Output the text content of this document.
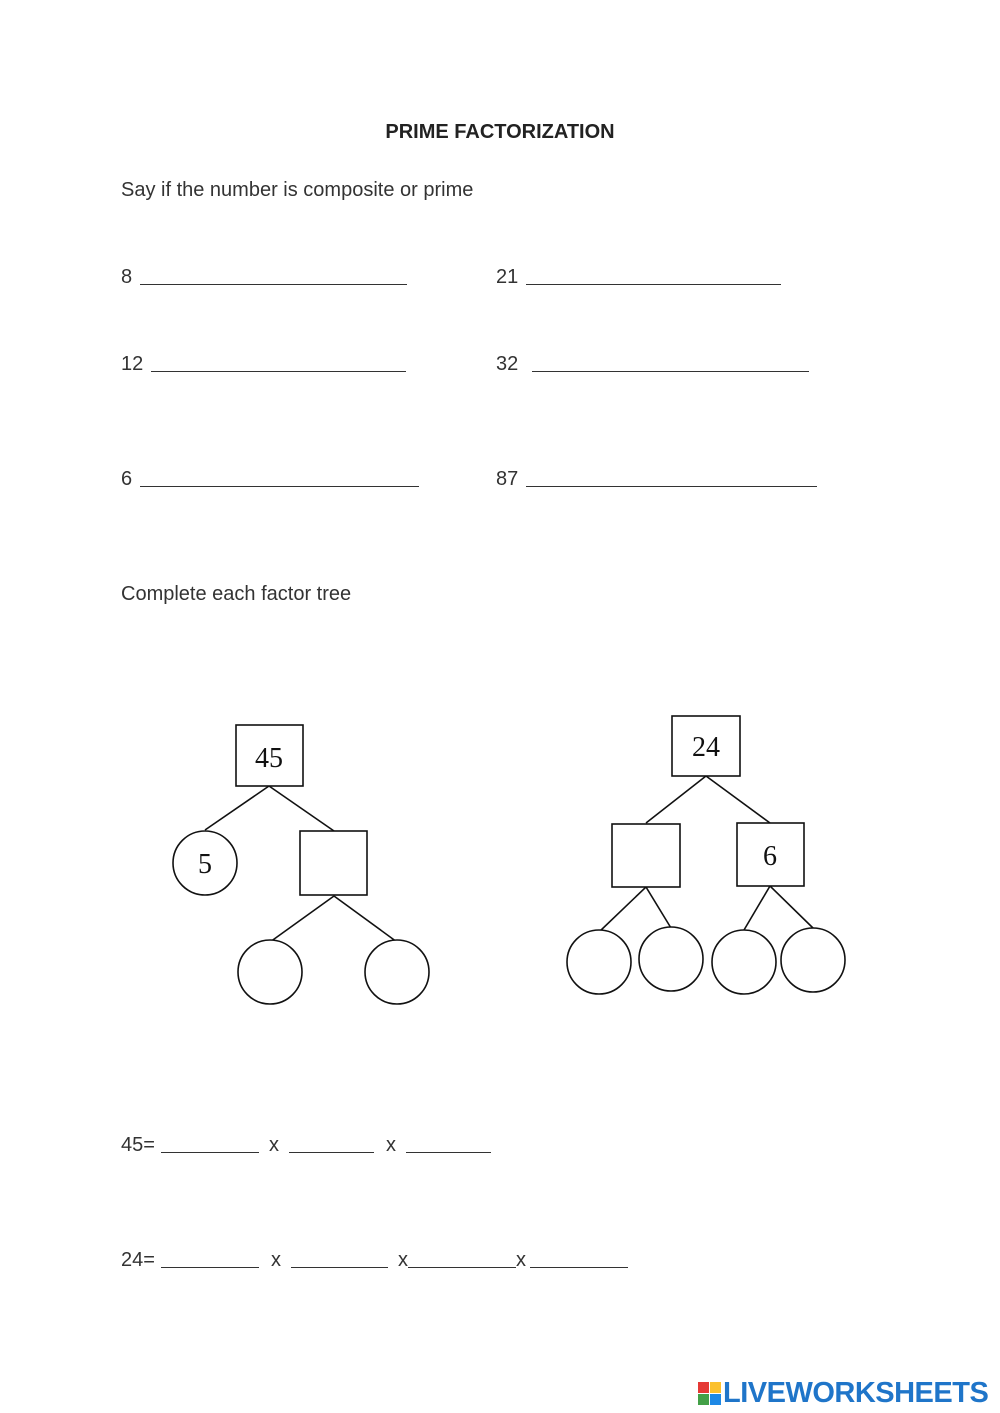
PRIME FACTORIZATION
Say if the number is composite or prime
8	21
12	32
6	87
Complete each factor tree
45
5
24
6
45=	x	x
24=	x	x	x
LIVEWORKSHEETS
